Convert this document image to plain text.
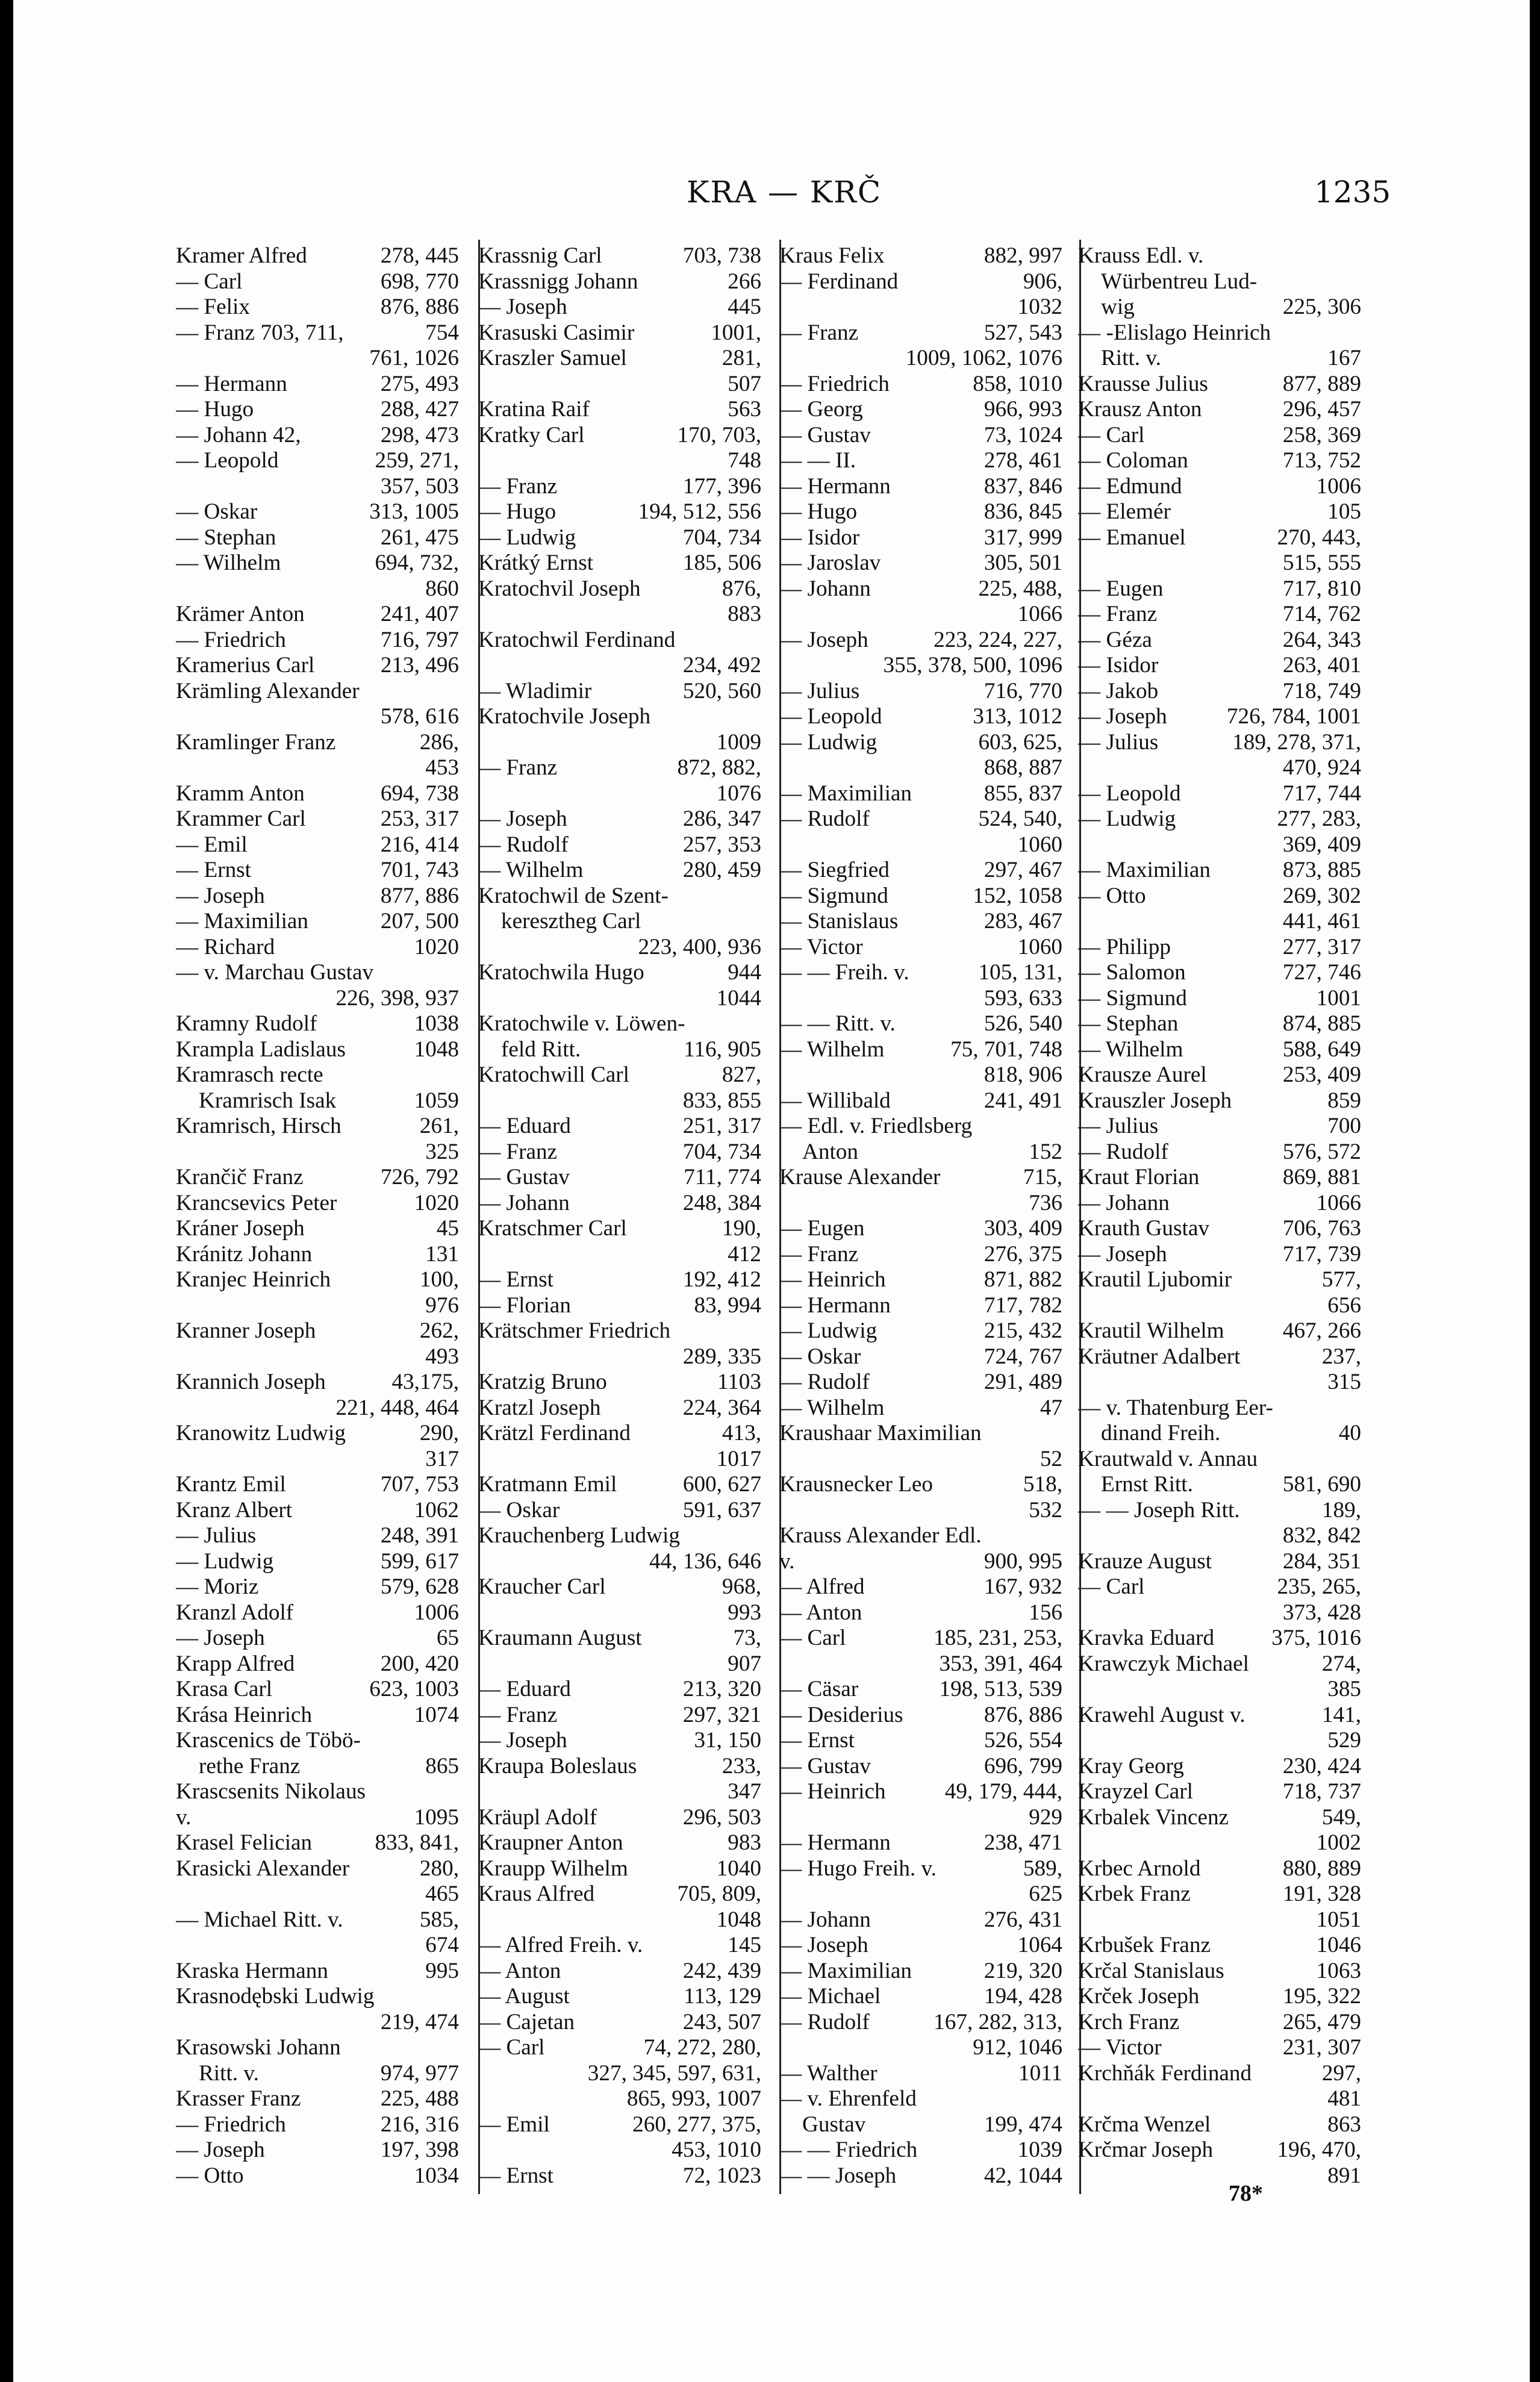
KRA — KRČ	1235
Kramer Alfred	278, 445
— Carl	698, 770
— Felix	876, 886
— Franz 703, 711,	754
761, 1026
— Hermann	275, 493
— Hugo	288, 427
— Johann 42,	298, 473
— Leopold	259, 271,
357, 503
— Oskar	313, 1005
— Stephan	261, 475
— Wilhelm	694, 732,
860
Krämer Anton	241, 407
— Friedrich	716, 797
Kramerius Carl	213, 496
Krämling Alexander
578, 616
Kramlinger Franz	286,
453
Kramm Anton	694, 738
Krammer Carl	253, 317
— Emil	216, 414
— Ernst	701, 743
— Joseph	877, 886
— Maximilian	207, 500
— Richard	1020
— v. Marchau Gustav
226, 398, 937
Kramny Rudolf	1038
Krampla Ladislaus	1048
Kramrasch recte
Kramrisch Isak	1059
Kramrisch, Hirsch	261,
325
Krančič Franz	726, 792
Krancsevics Peter	1020
Kráner Joseph	45
Kránitz Johann	131
Kranjec Heinrich	100,
976
Kranner Joseph	262,
493
Krannich Joseph	43,175,
221, 448, 464
Kranowitz Ludwig	290,
317
Krantz Emil	707, 753
Kranz Albert	1062
— Julius	248, 391
— Ludwig	599, 617
— Moriz	579, 628
Kranzl Adolf	1006
— Joseph	65
Krapp Alfred	200, 420
Krasa Carl	623, 1003
Krása Heinrich	1074
Krascenics de Töbö-
rethe Franz	865
Krascsenits Nikolaus
v.	1095
Krasel Felician	833, 841,
Krasicki Alexander	280,
465
— Michael Ritt. v.	585,
674
Kraska Hermann	995
Krasnodębski Ludwig
219, 474
Krasowski Johann
Ritt. v.	974, 977
Krasser Franz	225, 488
— Friedrich	216, 316
— Joseph	197, 398
— Otto	1034
Krassnig Carl	703, 738
Krassnigg Johann	266
— Joseph	445
Krasuski Casimir	1001,
Kraszler Samuel	281,
507
Kratina Raif	563
Kratky Carl	170, 703,
748
— Franz	177, 396
— Hugo	194, 512, 556
— Ludwig	704, 734
Krátký Ernst	185, 506
Kratochvil Joseph	876,
883
Kratochwil Ferdinand
234, 492
— Wladimir	520, 560
Kratochvile Joseph
1009
— Franz	872, 882,
1076
— Joseph	286, 347
— Rudolf	257, 353
— Wilhelm	280, 459
Kratochwil de Szent-
keresztheg Carl
223, 400, 936
Kratochwila Hugo	944
1044
Kratochwile v. Löwen-
feld Ritt.	116, 905
Kratochwill Carl	827,
833, 855
— Eduard	251, 317
— Franz	704, 734
— Gustav	711, 774
— Johann	248, 384
Kratschmer Carl	190,
412
— Ernst	192, 412
— Florian	83, 994
Krätschmer Friedrich
289, 335
Kratzig Bruno	1103
Kratzl Joseph	224, 364
Krätzl Ferdinand	413,
1017
Kratmann Emil	600, 627
— Oskar	591, 637
Krauchenberg Ludwig
44, 136, 646
Kraucher Carl	968,
993
Kraumann August	73,
907
— Eduard	213, 320
— Franz	297, 321
— Joseph	31, 150
Kraupa Boleslaus	233,
347
Kräupl Adolf	296, 503
Kraupner Anton	983
Kraupp Wilhelm	1040
Kraus Alfred	705, 809,
1048
— Alfred Freih. v.	145
— Anton	242, 439
— August	113, 129
— Cajetan	243, 507
— Carl	74, 272, 280,
327, 345, 597, 631,
865, 993, 1007
— Emil	260, 277, 375,
453, 1010
— Ernst	72, 1023
Kraus Felix	882, 997
— Ferdinand	906,
1032
— Franz	527, 543
1009, 1062, 1076
— Friedrich	858, 1010
— Georg	966, 993
— Gustav	73, 1024
— — II.	278, 461
— Hermann	837, 846
— Hugo	836, 845
— Isidor	317, 999
— Jaroslav	305, 501
— Johann	225, 488,
1066
— Joseph	223, 224, 227,
355, 378, 500, 1096
— Julius	716, 770
— Leopold	313, 1012
— Ludwig	603, 625,
868, 887
— Maximilian	855, 837
— Rudolf	524, 540,
1060
— Siegfried	297, 467
— Sigmund	152, 1058
— Stanislaus	283, 467
— Victor	1060
— — Freih. v.	105, 131,
593, 633
— — Ritt. v.	526, 540
— Wilhelm	75, 701, 748
818, 906
— Willibald	241, 491
— Edl. v. Friedlsberg
Anton	152
Krause Alexander	715,
736
— Eugen	303, 409
— Franz	276, 375
— Heinrich	871, 882
— Hermann	717, 782
— Ludwig	215, 432
— Oskar	724, 767
— Rudolf	291, 489
— Wilhelm	47
Kraushaar Maximilian
52
Krausnecker Leo	518,
532
Krauss Alexander Edl.
v.	900, 995
— Alfred	167, 932
— Anton	156
— Carl	185, 231, 253,
353, 391, 464
— Cäsar	198, 513, 539
— Desiderius	876, 886
— Ernst	526, 554
— Gustav	696, 799
— Heinrich	49, 179, 444,
929
— Hermann	238, 471
— Hugo Freih. v.	589,
625
— Johann	276, 431
— Joseph	1064
— Maximilian	219, 320
— Michael	194, 428
— Rudolf	167, 282, 313,
912, 1046
— Walther	1011
— v. Ehrenfeld
Gustav	199, 474
— — Friedrich	1039
— — Joseph	42, 1044
Krauss Edl. v.
Würbentreu Lud-
wig	225, 306
— -Elislago Heinrich
Ritt. v.	167
Krausse Julius	877, 889
Krausz Anton	296, 457
— Carl	258, 369
— Coloman	713, 752
— Edmund	1006
— Elemér	105
— Emanuel	270, 443,
515, 555
— Eugen	717, 810
— Franz	714, 762
— Géza	264, 343
— Isidor	263, 401
— Jakob	718, 749
— Joseph	726, 784, 1001
— Julius	189, 278, 371,
470, 924
— Leopold	717, 744
— Ludwig	277, 283,
369, 409
— Maximilian	873, 885
— Otto	269, 302
441, 461
— Philipp	277, 317
— Salomon	727, 746
— Sigmund	1001
— Stephan	874, 885
— Wilhelm	588, 649
Krausze Aurel	253, 409
Krauszler Joseph	859
— Julius	700
— Rudolf	576, 572
Kraut Florian	869, 881
— Johann	1066
Krauth Gustav	706, 763
— Joseph	717, 739
Krautil Ljubomir	577,
656
Krautil Wilhelm	467, 266
Kräutner Adalbert	237,
315
— v. Thatenburg Eer-
dinand Freih.	40
Krautwald v. Annau
Ernst Ritt.	581, 690
— — Joseph Ritt.	189,
832, 842
Krauze August	284, 351
— Carl	235, 265,
373, 428
Kravka Eduard	375, 1016
Krawczyk Michael	274,
385
Krawehl August v.	141,
529
Kray Georg	230, 424
Krayzel Carl	718, 737
Krbalek Vincenz	549,
1002
Krbec Arnold	880, 889
Krbek Franz	191, 328
1051
Krbušek Franz	1046
Krčal Stanislaus	1063
Krček Joseph	195, 322
Krch Franz	265, 479
— Victor	231, 307
Krchňák Ferdinand	297,
481
Krčma Wenzel	863
Krčmar Joseph	196, 470,
891
78*
